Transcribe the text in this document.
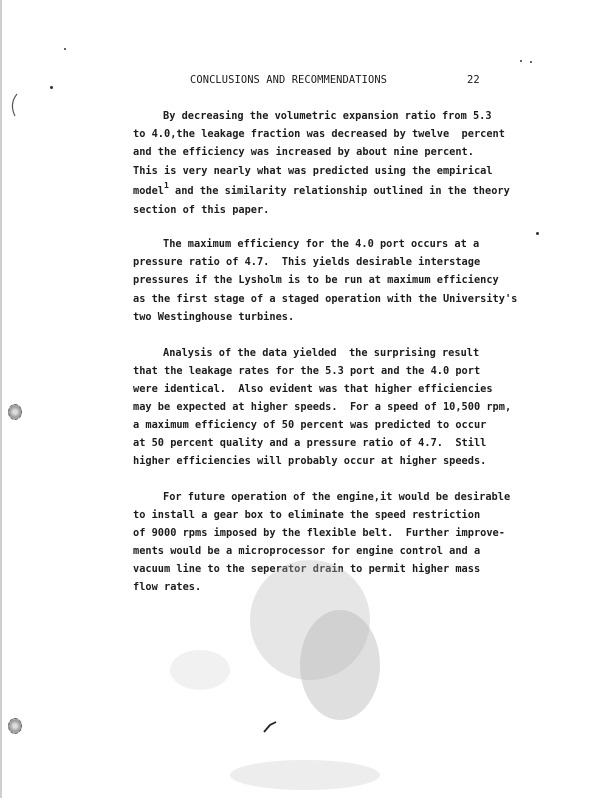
CONCLUSIONS AND RECOMMENDATIONS	22
By decreasing the volumetric expansion ratio from 5.3
to 4.0,the leakage fraction was decreased by twelve  percent
and the efficiency was increased by about nine percent.
This is very nearly what was predicted using the empirical
model$^1$ and the similarity relationship outlined in the theory
section of this paper.
The maximum efficiency for the 4.0 port occurs at a
pressure ratio of 4.7.  This yields desirable interstage
pressures if the Lysholm is to be run at maximum efficiency
as the first stage of a staged operation with the University's
two Westinghouse turbines.
Analysis of the data yielded  the surprising result
that the leakage rates for the 5.3 port and the 4.0 port
were identical.  Also evident was that higher efficiencies
may be expected at higher speeds.  For a speed of 10,500 rpm,
a maximum efficiency of 50 percent was predicted to occur
at 50 percent quality and a pressure ratio of 4.7.  Still
higher efficiencies will probably occur at higher speeds.
For future operation of the engine,it would be desirable
to install a gear box to eliminate the speed restriction
of 9000 rpms imposed by the flexible belt.  Further improve-
ments would be a microprocessor for engine control and a
vacuum line to the seperator drain to permit higher mass
flow rates.
